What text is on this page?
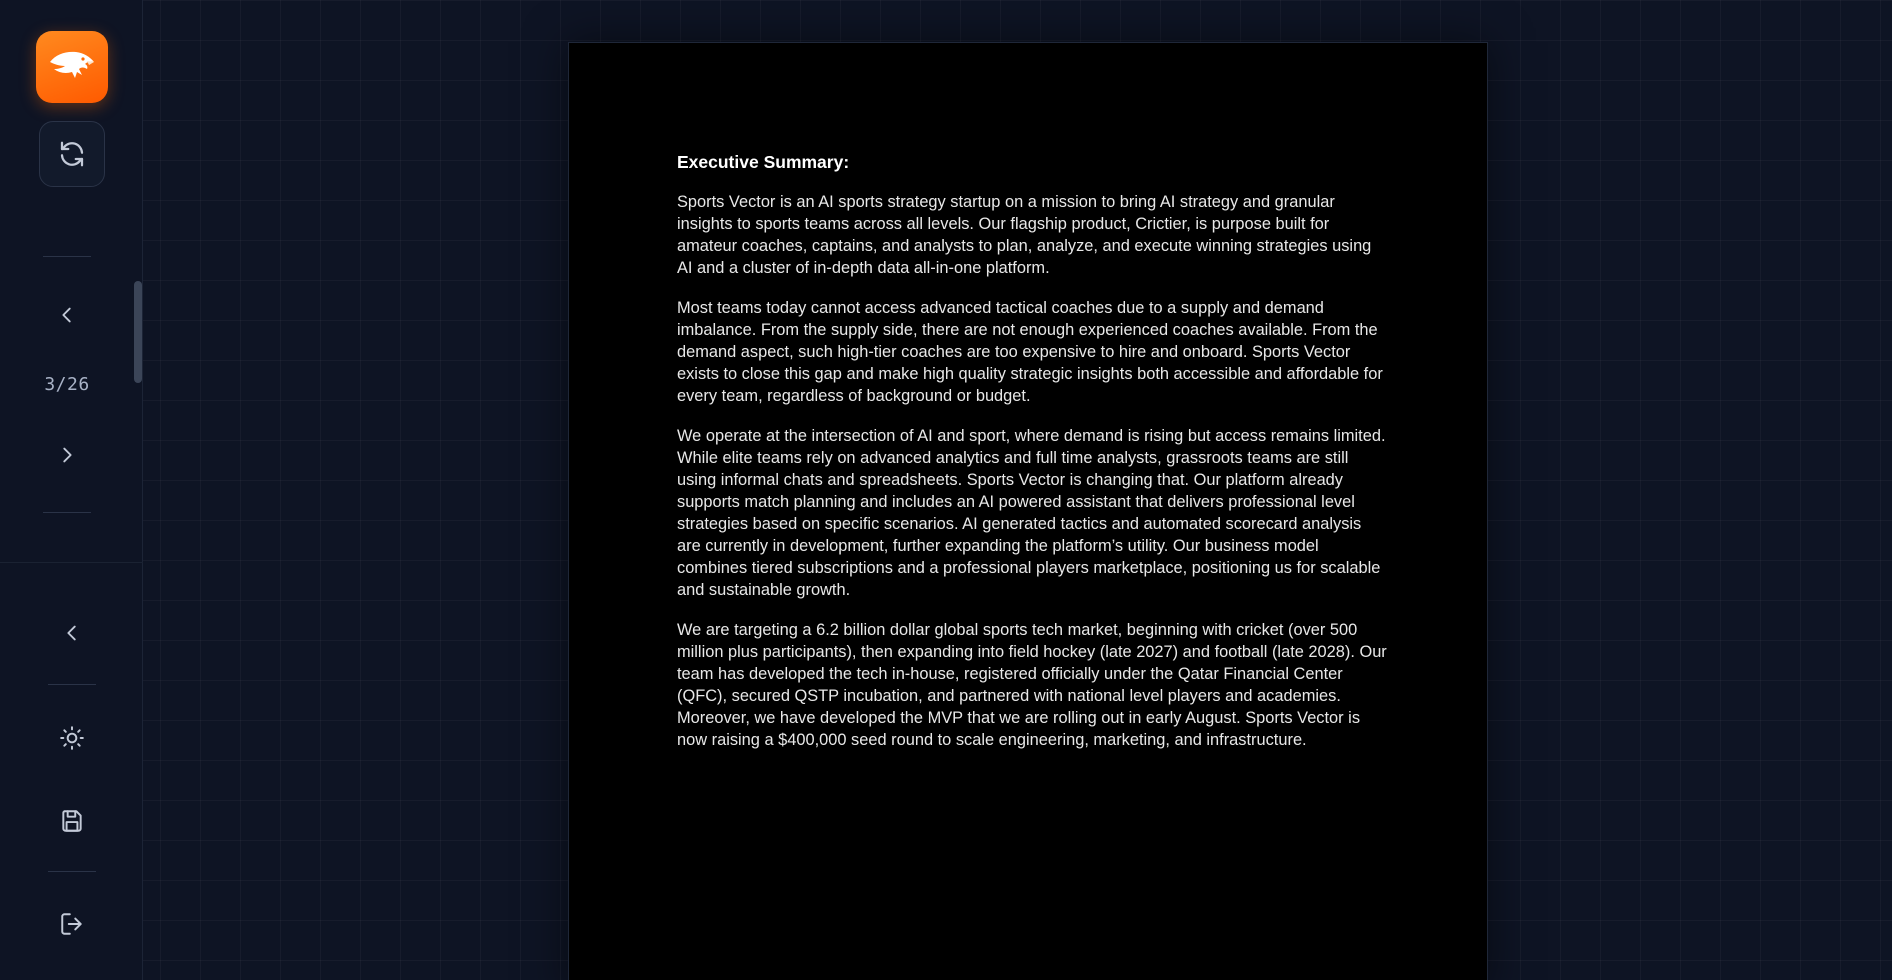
3/26

Executive Summary:

Sports Vector is an AI sports strategy startup on a mission to bring AI strategy and granular insights to sports teams across all levels. Our flagship product, Crictier, is purpose built for amateur coaches, captains, and analysts to plan, analyze, and execute winning strategies using AI and a cluster of in-depth data all-in-one platform.

Most teams today cannot access advanced tactical coaches due to a supply and demand imbalance. From the supply side, there are not enough experienced coaches available. From the demand aspect, such high-tier coaches are too expensive to hire and onboard. Sports Vector exists to close this gap and make high quality strategic insights both accessible and affordable for every team, regardless of background or budget.

We operate at the intersection of AI and sport, where demand is rising but access remains limited. While elite teams rely on advanced analytics and full time analysts, grassroots teams are still using informal chats and spreadsheets. Sports Vector is changing that. Our platform already supports match planning and includes an AI powered assistant that delivers professional level strategies based on specific scenarios. AI generated tactics and automated scorecard analysis are currently in development, further expanding the platform’s utility. Our business model combines tiered subscriptions and a professional players marketplace, positioning us for scalable and sustainable growth.

We are targeting a 6.2 billion dollar global sports tech market, beginning with cricket (over 500 million plus participants), then expanding into field hockey (late 2027) and football (late 2028). Our team has developed the tech in-house, registered officially under the Qatar Financial Center (QFC), secured QSTP incubation, and partnered with national level players and academies. Moreover, we have developed the MVP that we are rolling out in early August. Sports Vector is now raising a $400,000 seed round to scale engineering, marketing, and infrastructure.
